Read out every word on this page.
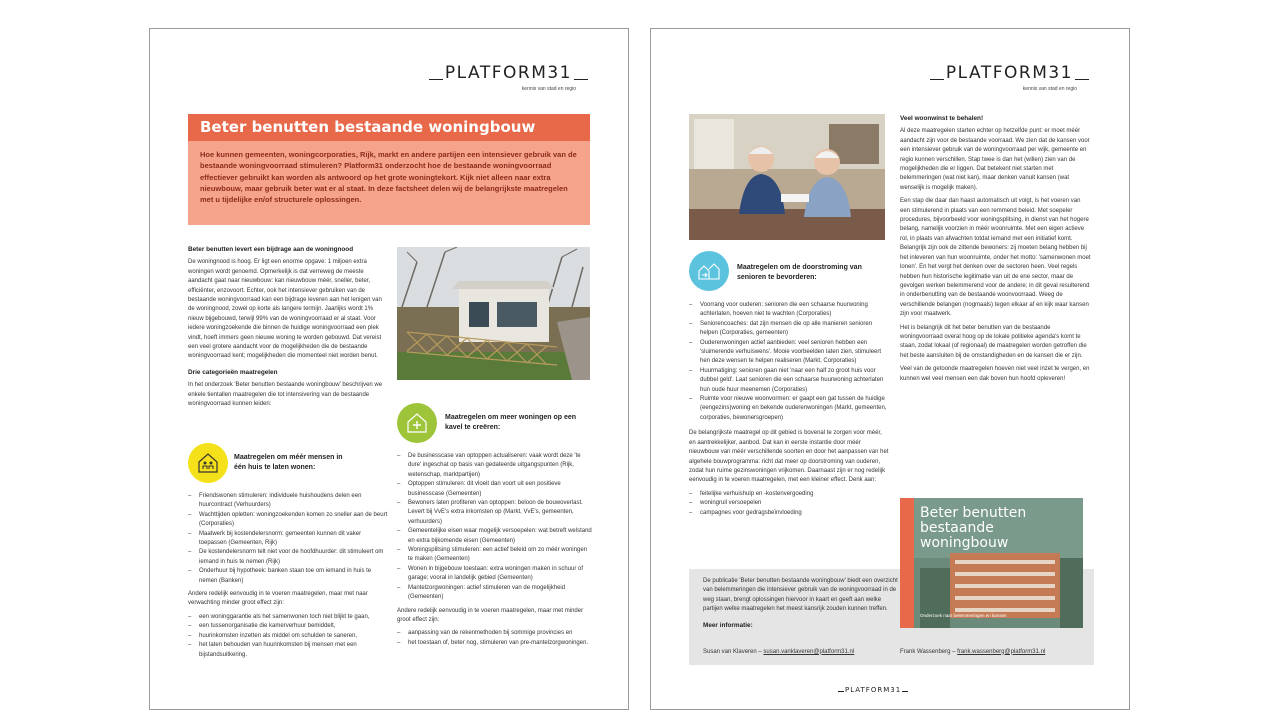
PLATFORM31
kennis van stad en regio
Beter benutten bestaande woningbouw
Hoe kunnen gemeenten, woningcorporaties, Rijk, markt en andere partijen een intensiever gebruik van de bestaande woningvoorraad stimuleren? Platform31 onderzocht hoe de bestaande woningvoorraad effectiever gebruikt kan worden als antwoord op het grote woningtekort. Kijk niet alleen naar extra nieuwbouw, maar gebruik beter wat er al staat. In deze factsheet delen wij de belangrijkste maatregelen met u tijdelijke en/of structurele oplossingen.

Beter benutten levert een bijdrage aan de woningnood

De woningnood is hoog. Er ligt een enorme opgave: 1 miljoen extra woningen wordt genoemd. Opmerkelijk is dat verreweg de meeste aandacht gaat naar nieuwbouw: kan nieuwbouw méér, sneller, beter, efficiënter, enzovoort. Echter, ook het intensiever gebruiken van de bestaande woningvoorraad kan een bijdrage leveren aan het lenigen van de woningnood, zowel op korte als langere termijn. Jaarlijks wordt 1% nieuw bijgebouwd, terwijl 99% van de woningvoorraad er al staat. Voor iedere woningzoekende die binnen de huidige woningvoorraad een plek vindt, hoeft immers geen nieuwe woning te worden gebouwd. Dat vereist een veel grotere aandacht voor de mogelijkheden die de bestaande woningvoorraad kent; mogelijkheden die momenteel niet worden benut.

Drie categorieën maatregelen

In het onderzoek 'Beter benutten bestaande woningbouw' beschrijven we enkele tientallen maatregelen die tot intensivering van de bestaande woningvoorraad kunnen leiden:

Maatregelen om méér mensen in één huis te laten wonen:
– Friendswonen stimuleren: individuele huishoudens delen een huurcontract (Verhuurders)
– Wachttijden opletten: woningzoekenden komen zo sneller aan de beurt (Corporaties)
– Maatwerk bij kostendelersnorm: gemeenten kunnen dit vaker toepassen (Gemeenten, Rijk)
– De kostendelersnorm telt niet voor de hoofdhuurder: dit stimuleert om iemand in huis te nemen (Rijk)
– Onderhuur bij hypotheek: banken staan toe om iemand in huis te nemen (Banken)

Andere redelijk eenvoudig in te voeren maatregelen, maar met naar verwachting minder groot effect zijn:

– een woninggarantie als het samenwonen toch niet blijkt te gaan,
– een tussenorganisatie die kamerverhuur bemiddelt,
– huurinkomsten inzetten als middel om schulden te saneren,
– het laten behouden van huurinkomsten bij mensen met een bijstandsuitkering.
Maatregelen om meer woningen op een kavel te creëren:
– De businesscase van optoppen actualiseren: vaak wordt deze 'te dure' ingeschat op basis van gedateerde uitgangspunten (Rijk, wetenschap, marktpartijen)
– Optoppen stimuleren: dit vloeit dan voort uit een positieve businesscase (Gemeenten)
– Bewoners laten profiteren van optoppen: beloon de bouwoverlast. Levert bij VvE's extra inkomsten op (Markt, VvE's, gemeenten, verhuurders)
– Gemeentelijke eisen waar mogelijk versoepelen: wat betreft welstand en extra bijkomende eisen (Gemeenten)
– Woningsplitsing stimuleren: een actief beleid om zo méér woningen te maken (Gemeenten)
– Wonen in bijgebouw toestaan: extra woningen maken in schuur of garage; vooral in landelijk gebied (Gemeenten)
– Mantelzorgwoningen: actief stimuleren van de mogelijkheid (Gemeenten)

Andere redelijk eenvoudig in te voeren maatregelen, maar met minder groot effect zijn:

– aanpassing van de rekenmethoden bij sommige provincies en
– het toestaan of, beter nog, stimuleren van pre-mantelzorgwoningen.
PLATFORM31
kennis van stad en regio
Maatregelen om de doorstroming van senioren te bevorderen:
– Voorrang voor ouderen: senioren die een schaarse huurwoning achterlaten, hoeven niet te wachten (Corporaties)
– Seniorencoaches: dat zijn mensen die op alle manieren senioren helpen (Corporaties, gemeenten)
– Ouderenwoningen actief aanbieden: veel senioren hebben een 'sluimerende verhuiswens'. Mooie voorbeelden laten zien, stimuleert hen deze wensen te helpen realiseren (Markt, Corporaties)
– Huurmatiging: senioren gaan niet 'naar een half zo groot huis voor dubbel geld'. Laat senioren die een schaarse huurwoning achterlaten hun oude huur meenemen (Corporaties)
– Ruimte voor nieuwe woonvormen: er gaapt een gat tussen de huidige (eengezins)woning en bekende ouderenwoningen (Markt, gemeenten, corporaties, bewonersgroepen)

De belangrijkste maatregel op dit gebied is bovenal te zorgen voor méér, en aantrekkelijker, aanbod. Dat kan in eerste instantie door méér nieuwbouw van méér verschillende soorten en door het aanpassen van het algehele bouwprogramma: richt dat meer op doorstroming van ouderen, zodat hun ruime gezinswoningen vrijkomen. Daarnaast zijn er nog redelijk eenvoudig in te voeren maatregelen, met een kleiner effect. Denk aan:

– feitelijke verhuishulp en -kostenvergoeding
– woningruil versoepelen
– campagnes voor gedragsbeïnvloeding

Veel woonwinst te behalen!

Al deze maatregelen starten echter op hetzelfde punt: er moet méér aandacht zijn voor de bestaande voorraad. We zien dat de kansen voor een intensiever gebruik van de woningvoorraad per wijk, gemeente en regio kunnen verschillen. Stap twee is dan het (willen) zien van de mogelijkheden die er liggen. Dat betekent niet starten met belemmeringen (wat niet kan), maar denken vanuit kansen (wat wenselijk is mogelijk maken).

Een stap die daar dan haast automatisch uit volgt, is het voeren van een stimulerend in plaats van een remmend beleid. Met soepeler procedures, bijvoorbeeld voor woningsplitsing, in dienst van het hogere belang, namelijk voorzien in méér woonruimte. Met een eigen actieve rol, in plaats van afwachten totdat iemand met een initiatief komt. Belangrijk zijn ook de zittende bewoners: zij moeten belang hebben bij het inleveren van hun woonruimte, onder het motto: 'samenwonen moet lonen'. En het vergt het denken over de sectoren heen. Veel regels hebben hun historische legitimatie van uit de ene sector, maar de gevolgen werken belemmerend voor de andere; in dit geval resulterend in onderbenutting van de bestaande woonvoorraad. Weeg de verschillende belangen (nogmaals) tegen elkaar af en kijk waar kansen zijn voor maatwerk.

Het is belangrijk dit het beter benutten van de bestaande woningvoorraad overal hoog op de lokale politieke agenda's komt te staan, zodat lokaal (of regionaal) de maatregelen worden getroffen die het beste aansluiten bij de omstandigheden en de kansen die er zijn.

Veel van de getoonde maatregelen hoeven niet veel inzet te vergen, en kunnen wel veel mensen een dak boven hun hoofd opleveren!

De publicatie 'Beter benutten bestaande woningbouw' biedt een overzicht van belemmeringen die intensiever gebruik van de woningvoorraad in de weg staan, brengt oplossingen hiervoor in kaart en geeft aan welke partijen welke maatregelen het meest kansrijk zouden kunnen treffen.
Meer informatie:
Susan van Klaveren – susan.vanklaveren@platform31.nl	Frank Wassenberg – frank.wassenberg@platform31.nl
Beter benutten bestaande woningbouw
Onderzoek naar belemmeringen en kansen
PLATFORM31
